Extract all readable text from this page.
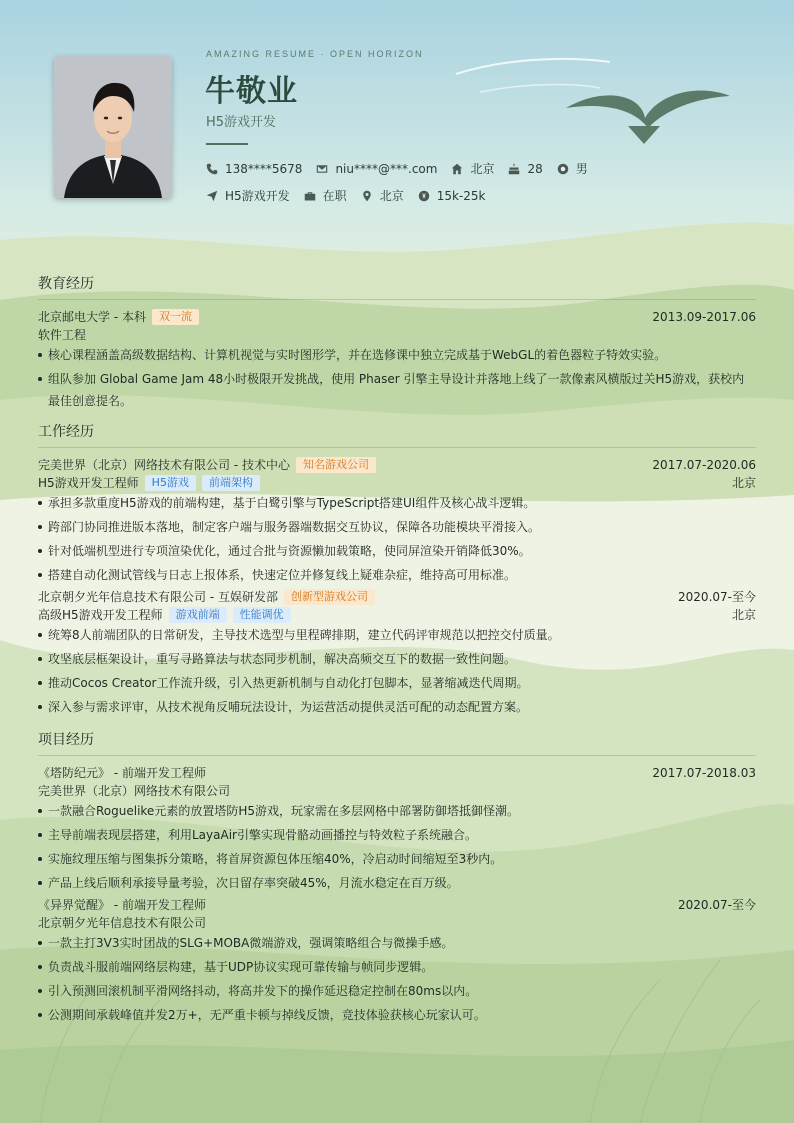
AMAZING RESUME · OPEN HORIZON
牛敬业
H5游戏开发
138****5678	niu****@***.com	北京	28	男
H5游戏开发	在职	北京	15k-25k
教育经历
北京邮电大学 - 本科	双一流	2013.09-2017.06
软件工程
核心课程涵盖高级数据结构、计算机视觉与实时图形学，并在选修课中独立完成基于WebGL的着色器粒子特效实验。
组队参加 Global Game Jam 48小时极限开发挑战，使用 Phaser 引擎主导设计并落地上线了一款像素风横版过关H5游戏，获校内最佳创意提名。
工作经历
完美世界（北京）网络技术有限公司 - 技术中心	知名游戏公司	2017.07-2020.06
H5游戏开发工程师	H5游戏	前端架构	北京
承担多款重度H5游戏的前端构建，基于白鹭引擎与TypeScript搭建UI组件及核心战斗逻辑。
跨部门协同推进版本落地，制定客户端与服务器端数据交互协议，保障各功能模块平滑接入。
针对低端机型进行专项渲染优化，通过合批与资源懒加载策略，使同屏渲染开销降低30%。
搭建自动化测试管线与日志上报体系，快速定位并修复线上疑难杂症，维持高可用标准。
北京朝夕光年信息技术有限公司 - 互娱研发部	创新型游戏公司	2020.07-至今
高级H5游戏开发工程师	游戏前端	性能调优	北京
统筹8人前端团队的日常研发，主导技术选型与里程碑排期，建立代码评审规范以把控交付质量。
攻坚底层框架设计，重写寻路算法与状态同步机制，解决高频交互下的数据一致性问题。
推动Cocos Creator工作流升级，引入热更新机制与自动化打包脚本，显著缩减迭代周期。
深入参与需求评审，从技术视角反哺玩法设计，为运营活动提供灵活可配的动态配置方案。
项目经历
《塔防纪元》 - 前端开发工程师	2017.07-2018.03
完美世界（北京）网络技术有限公司
一款融合Roguelike元素的放置塔防H5游戏，玩家需在多层网格中部署防御塔抵御怪潮。
主导前端表现层搭建，利用LayaAir引擎实现骨骼动画播控与特效粒子系统融合。
实施纹理压缩与图集拆分策略，将首屏资源包体压缩40%，冷启动时间缩短至3秒内。
产品上线后顺利承接导量考验，次日留存率突破45%，月流水稳定在百万级。
《异界觉醒》 - 前端开发工程师	2020.07-至今
北京朝夕光年信息技术有限公司
一款主打3V3实时团战的SLG+MOBA微端游戏，强调策略组合与微操手感。
负责战斗服前端网络层构建，基于UDP协议实现可靠传输与帧同步逻辑。
引入预测回滚机制平滑网络抖动，将高并发下的操作延迟稳定控制在80ms以内。
公测期间承载峰值并发2万+，无严重卡顿与掉线反馈，竞技体验获核心玩家认可。
